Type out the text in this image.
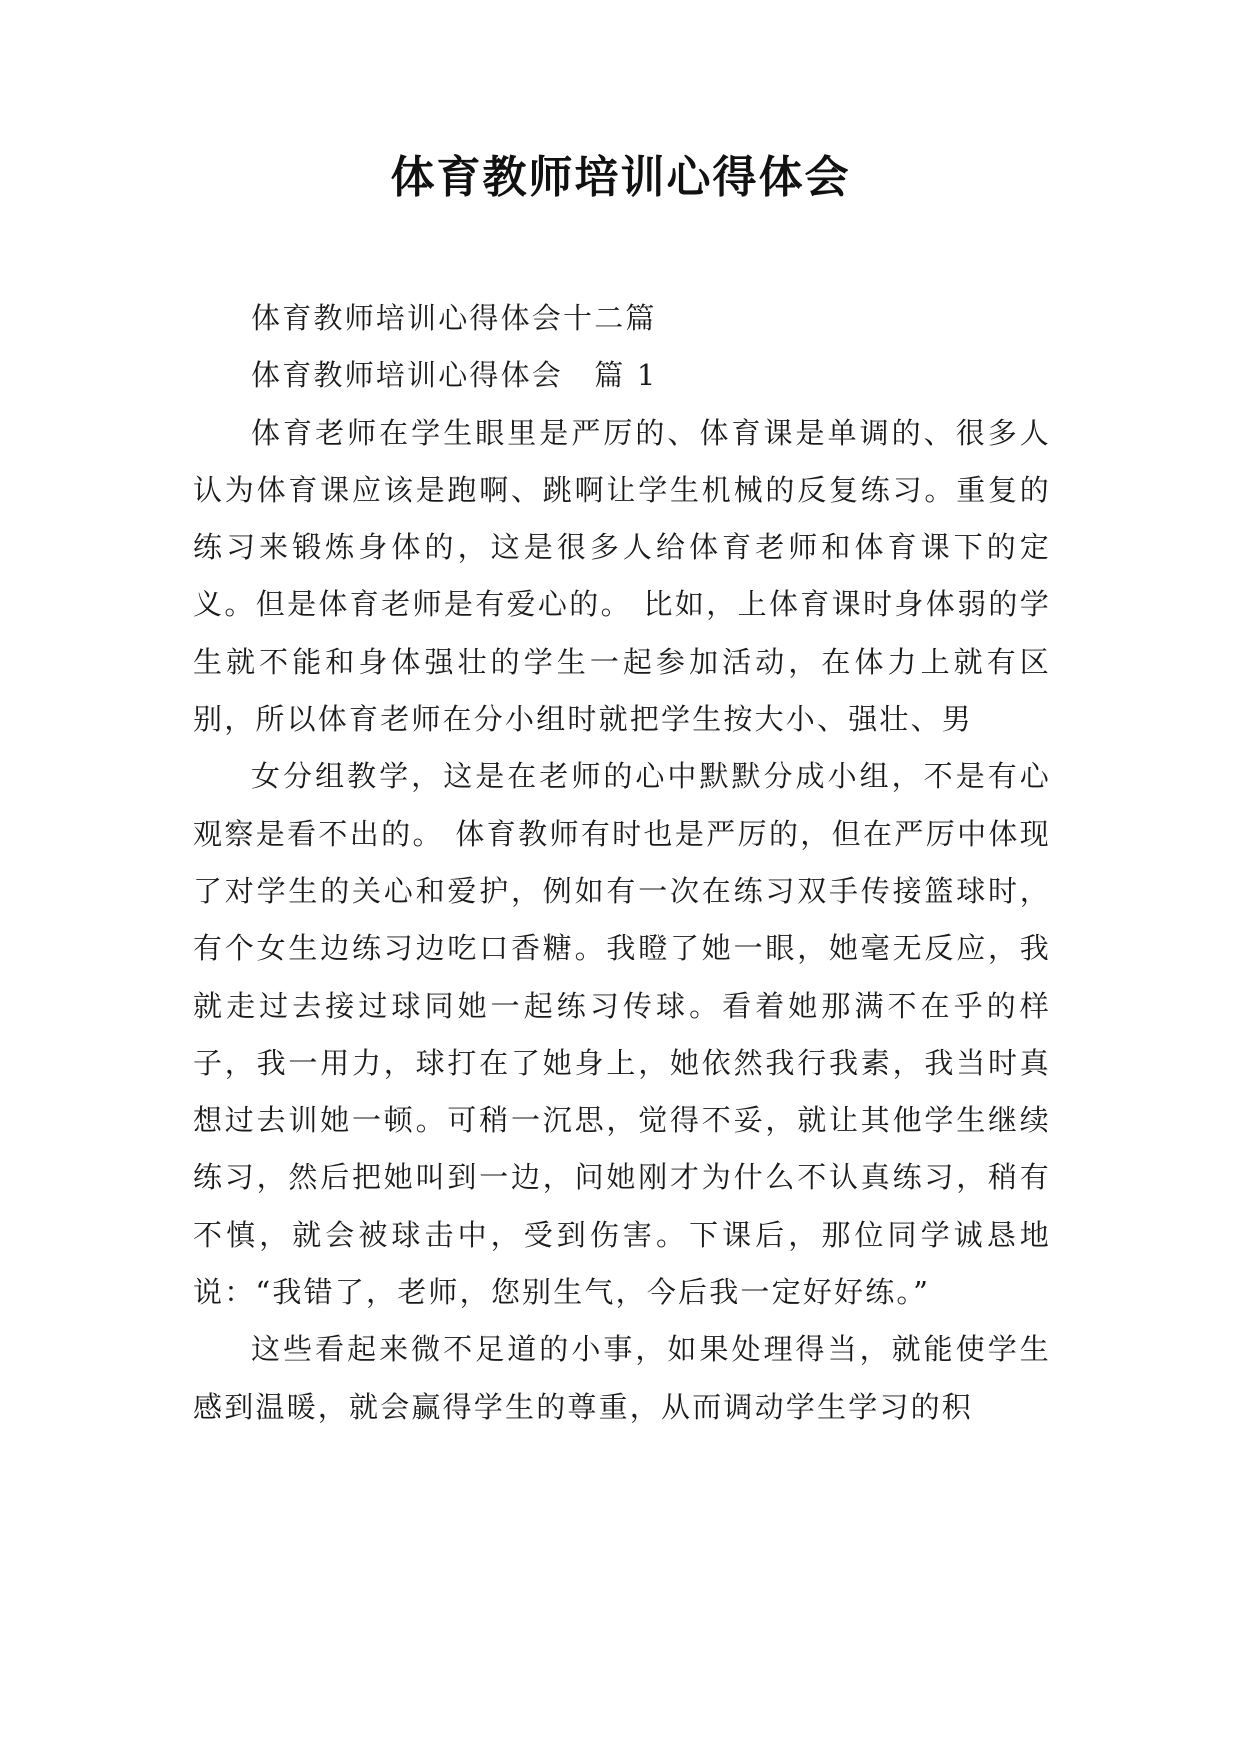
体育教师培训心得体会

体育教师培训心得体会十二篇

体育教师培训心得体会　篇 1

体育老师在学生眼里是严厉的、体育课是单调的、很多人认为体育课应该是跑啊、跳啊让学生机械的反复练习。重复的练习来锻炼身体的，这是很多人给体育老师和体育课下的定义。但是体育老师是有爱心的。 比如，上体育课时身体弱的学生就不能和身体强壮的学生一起参加活动，在体力上就有区别，所以体育老师在分小组时就把学生按大小、强壮、男

女分组教学，这是在老师的心中默默分成小组，不是有心观察是看不出的。 体育教师有时也是严厉的，但在严厉中体现了对学生的关心和爱护，例如有一次在练习双手传接篮球时，有个女生边练习边吃口香糖。我瞪了她一眼，她毫无反应，我就走过去接过球同她一起练习传球。看着她那满不在乎的样子，我一用力，球打在了她身上，她依然我行我素，我当时真想过去训她一顿。可稍一沉思，觉得不妥，就让其他学生继续练习，然后把她叫到一边，问她刚才为什么不认真练习，稍有不慎，就会被球击中，受到伤害。下课后，那位同学诚恳地说：“我错了，老师，您别生气，今后我一定好好练。”

这些看起来微不足道的小事，如果处理得当，就能使学生感到温暖，就会赢得学生的尊重，从而调动学生学习的积
